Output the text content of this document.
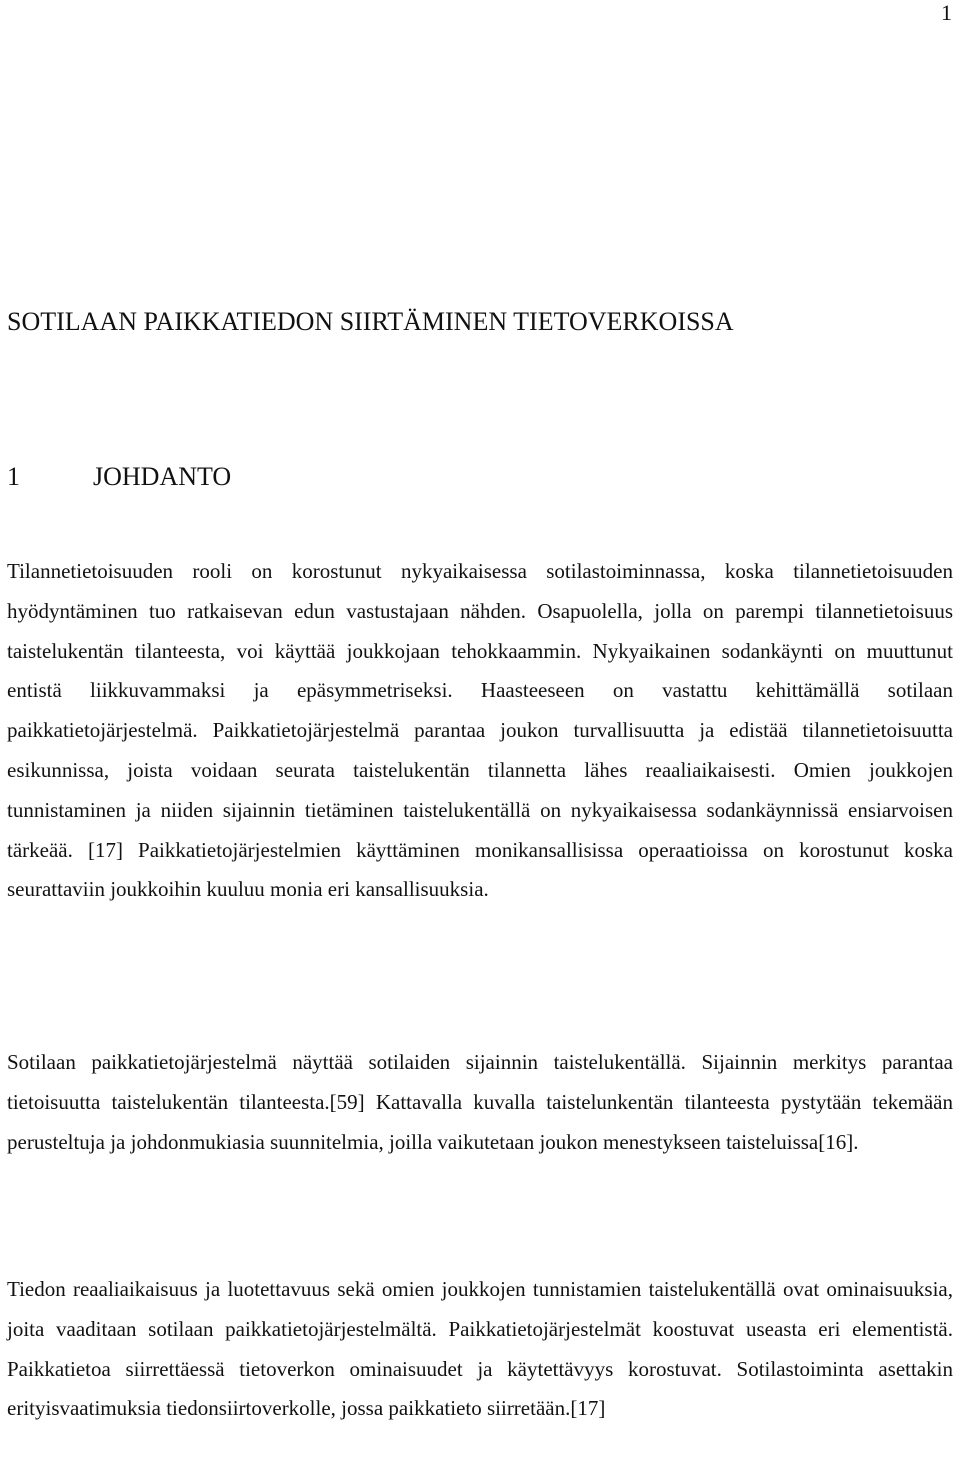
1
SOTILAAN PAIKKATIEDON SIIRTÄMINEN TIETOVERKOISSA
1	JOHDANTO

Tilannetietoisuuden rooli on korostunut nykyaikaisessa sotilastoiminnassa, koska tilannetietoisuuden hyödyntäminen tuo ratkaisevan edun vastustajaan nähden. Osapuolella, jolla on parempi tilannetietoisuus taistelukentän tilanteesta, voi käyttää joukkojaan tehokkaammin. Nykyaikainen sodankäynti on muuttunut entistä liikkuvammaksi ja epäsymmetriseksi. Haasteeseen on vastattu kehittämällä sotilaan paikkatietojärjestelmä. Paikkatietojärjestelmä parantaa joukon turvallisuutta ja edistää tilannetietoisuutta esikunnissa, joista voidaan seurata taistelukentän tilannetta lähes reaaliaikaisesti. Omien joukkojen tunnistaminen ja niiden sijainnin tietäminen taistelukentällä on nykyaikaisessa sodankäynnissä ensiarvoisen tärkeää. [17] Paikkatietojärjestelmien käyttäminen monikansallisissa operaatioissa on korostunut koska seurattaviin joukkoihin kuuluu monia eri kansallisuuksia.

Sotilaan paikkatietojärjestelmä näyttää sotilaiden sijainnin taistelukentällä. Sijainnin merkitys parantaa tietoisuutta taistelukentän tilanteesta.[59] Kattavalla kuvalla taistelunkentän tilanteesta pystytään tekemään perusteltuja ja johdonmukiasia suunnitelmia, joilla vaikutetaan joukon menestykseen taisteluissa[16].

Tiedon reaaliaikaisuus ja luotettavuus sekä omien joukkojen tunnistamien taistelukentällä ovat ominaisuuksia, joita vaaditaan sotilaan paikkatietojärjestelmältä. Paikkatietojärjestelmät koostuvat useasta eri elementistä. Paikkatietoa siirrettäessä tietoverkon ominaisuudet ja käytettävyys korostuvat. Sotilastoiminta asettakin erityisvaatimuksia tiedonsiirtoverkolle, jossa paikkatieto siirretään.[17]
